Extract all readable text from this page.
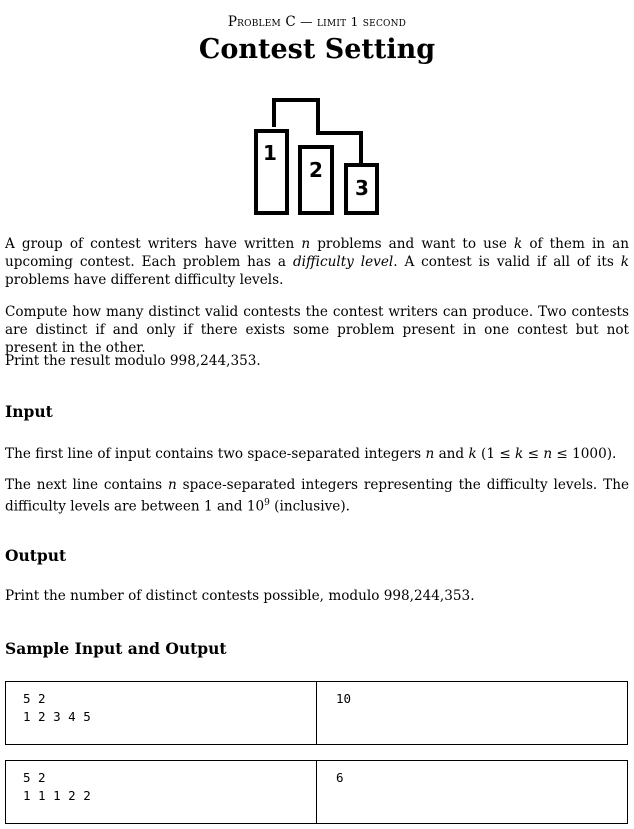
Problem C — limit 1 second
Contest Setting
1
2
3

A group of contest writers have written n problems and want to use k of them in an upcoming contest. Each problem has a difficulty level. A contest is valid if all of its k problems have different difficulty levels.

Compute how many distinct valid contests the contest writers can produce. Two contests are distinct if and only if there exists some problem present in one contest but not present in the other.

Print the result modulo 998,244,353.

Input

The first line of input contains two space-separated integers n and k (1 ≤ k ≤ n ≤ 1000).

The next line contains n space-separated integers representing the difficulty levels. The difficulty levels are between 1 and $10^9$ (inclusive).

Output

Print the number of distinct contests possible, modulo 998,244,353.

Sample Input and Output
5 2
1 2 3 4 5
10
5 2
1 1 1 2 2
6
